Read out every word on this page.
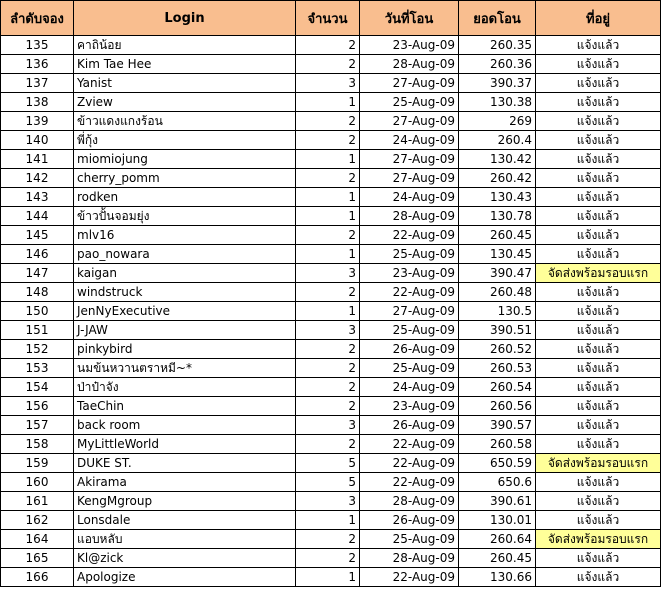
ลำดับจอง	Login	จำนวน	วันที่โอน	ยอดโอน	ที่อยู่
135	คาถิน้อย	2	23-Aug-09	260.35	แจ้งแล้ว
136	Kim Tae Hee	2	28-Aug-09	260.36	แจ้งแล้ว
137	Yanist	3	27-Aug-09	390.37	แจ้งแล้ว
138	Zview	1	25-Aug-09	130.38	แจ้งแล้ว
139	ข้าวแดงแกงร้อน	2	27-Aug-09	269	แจ้งแล้ว
140	พี่กุ้ง	2	24-Aug-09	260.4	แจ้งแล้ว
141	miomiojung	1	27-Aug-09	130.42	แจ้งแล้ว
142	cherry_pomm	2	27-Aug-09	260.42	แจ้งแล้ว
143	rodken	1	24-Aug-09	130.43	แจ้งแล้ว
144	ข้าวปั้นจอมยุ่ง	1	28-Aug-09	130.78	แจ้งแล้ว
145	mlv16	2	22-Aug-09	260.45	แจ้งแล้ว
146	pao_nowara	1	25-Aug-09	130.45	แจ้งแล้ว
147	kaigan	3	23-Aug-09	390.47	จัดส่งพร้อมรอบแรก
148	windstruck	2	22-Aug-09	260.48	แจ้งแล้ว
150	JenNyExecutive	1	27-Aug-09	130.5	แจ้งแล้ว
151	J-JAW	3	25-Aug-09	390.51	แจ้งแล้ว
152	pinkybird	2	26-Aug-09	260.52	แจ้งแล้ว
153	นมข้นหวานตราหมี~*	2	25-Aug-09	260.53	แจ้งแล้ว
154	ป่าป๋าจัง	2	24-Aug-09	260.54	แจ้งแล้ว
156	TaeChin	2	23-Aug-09	260.56	แจ้งแล้ว
157	back room	3	26-Aug-09	390.57	แจ้งแล้ว
158	MyLittleWorld	2	22-Aug-09	260.58	แจ้งแล้ว
159	DUKE ST.	5	22-Aug-09	650.59	จัดส่งพร้อมรอบแรก
160	Akirama	5	22-Aug-09	650.6	แจ้งแล้ว
161	KengMgroup	3	28-Aug-09	390.61	แจ้งแล้ว
162	Lonsdale	1	26-Aug-09	130.01	แจ้งแล้ว
164	แอบหลับ	2	25-Aug-09	260.64	จัดส่งพร้อมรอบแรก
165	Kl@zick	2	28-Aug-09	260.45	แจ้งแล้ว
166	Apologize	1	22-Aug-09	130.66	แจ้งแล้ว
